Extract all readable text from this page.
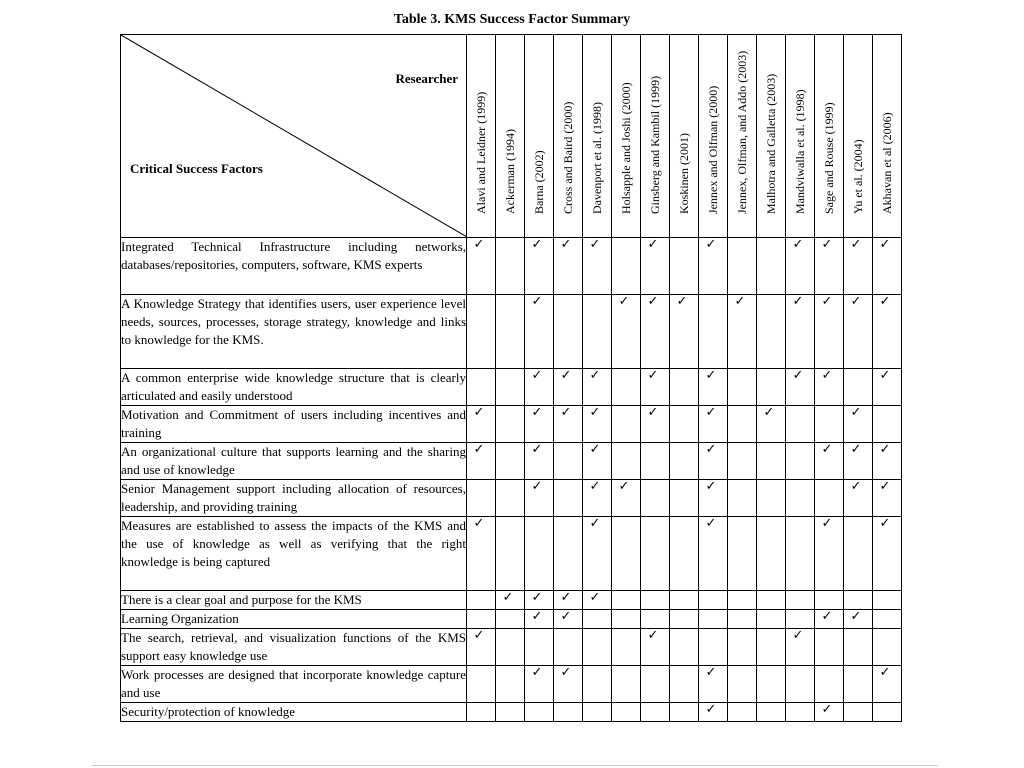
Table 3. KMS Success Factor Summary
Researcher
Critical Success Factors	Alavi and Leidner (1999)	Ackerman (1994)	Barna (2002)	Cross and Baird (2000)	Davenport et al. (1998)	Holsapple and Joshi (2000)	Ginsberg and Kambil (1999)	Koskinen (2001)	Jennex and Olfman (2000)	Jennex, Olfman, and Addo (2003)	Malhotra and Galletta (2003)	Mandviwalla et al. (1998)	Sage and Rouse (1999)	Yu et al. (2004)	Akhavan et al (2006)

Integrated Technical Infrastructure including networks, databases/repositories, computers, software, KMS experts	✓		✓	✓	✓		✓		✓			✓	✓	✓	✓
A Knowledge Strategy that identifies users, user experience level needs, sources, processes, storage strategy, knowledge and links to knowledge for the KMS.			✓			✓	✓	✓		✓		✓	✓	✓	✓
A common enterprise wide knowledge structure that is clearly articulated and easily understood			✓	✓	✓		✓		✓			✓	✓		✓
Motivation and Commitment of users including incentives and training	✓		✓	✓	✓		✓		✓		✓			✓	
An organizational culture that supports learning and the sharing and use of knowledge	✓		✓		✓				✓				✓	✓	✓
Senior Management support including allocation of resources, leadership, and providing training			✓		✓	✓			✓					✓	✓
Measures are established to assess the impacts of the KMS and the use of knowledge as well as verifying that the right knowledge is being captured	✓				✓				✓				✓		✓
There is a clear goal and purpose for the KMS		✓	✓	✓	✓										
Learning Organization			✓	✓									✓	✓	
The search, retrieval, and visualization functions of the KMS support easy knowledge use	✓						✓					✓			
Work processes are designed that incorporate knowledge capture and use			✓	✓					✓						✓
Security/protection of knowledge									✓				✓		
